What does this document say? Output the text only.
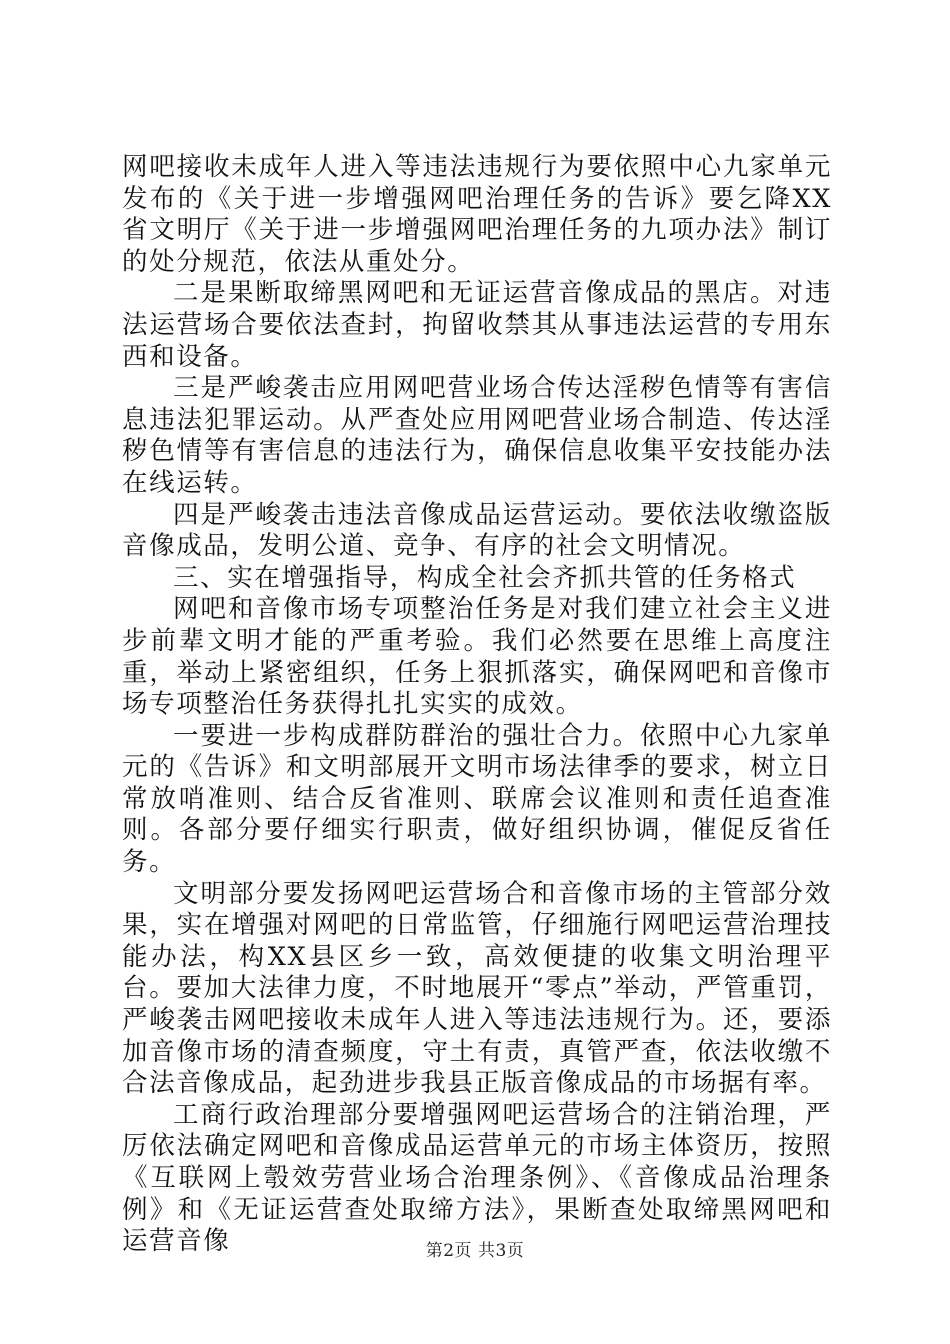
网吧接收未成年人进入等违法违规行为要依照中心九家单元发布的《关于进一步增强网吧治理任务的告诉》要乞降XX省文明厅《关于进一步增强网吧治理任务的九项办法》制订的处分规范，依法从重处分。

二是果断取缔黑网吧和无证运营音像成品的黑店。对违法运营场合要依法查封，拘留收禁其从事违法运营的专用东西和设备。

三是严峻袭击应用网吧营业场合传达淫秽色情等有害信息违法犯罪运动。从严查处应用网吧营业场合制造、传达淫秽色情等有害信息的违法行为，确保信息收集平安技能办法在线运转。

四是严峻袭击违法音像成品运营运动。要依法收缴盗版音像成品，发明公道、竞争、有序的社会文明情况。

三、实在增强指导，构成全社会齐抓共管的任务格式

网吧和音像市场专项整治任务是对我们建立社会主义进步前辈文明才能的严重考验。我们必然要在思维上高度注重，举动上紧密组织，任务上狠抓落实，确保网吧和音像市场专项整治任务获得扎扎实实的成效。

一要进一步构成群防群治的强壮合力。依照中心九家单元的《告诉》和文明部展开文明市场法律季的要求，树立日常放哨准则、结合反省准则、联席会议准则和责任追查准则。各部分要仔细实行职责，做好组织协调，催促反省任务。

文明部分要发扬网吧运营场合和音像市场的主管部分效果，实在增强对网吧的日常监管，仔细施行网吧运营治理技能办法，构XX县区乡一致，高效便捷的收集文明治理平台。要加大法律力度，不时地展开“零点”举动，严管重罚，严峻袭击网吧接收未成年人进入等违法违规行为。还，要添加音像市场的清查频度，守土有责，真管严查，依法收缴不合法音像成品，起劲进步我县正版音像成品的市场据有率。

工商行政治理部分要增强网吧运营场合的注销治理，严厉依法确定网吧和音像成品运营单元的市场主体资历，按照《互联网上彀效劳营业场合治理条例》、《音像成品治理条例》和《无证运营查处取缔方法》，果断查处取缔黑网吧和运营音像	第2页 共3页
